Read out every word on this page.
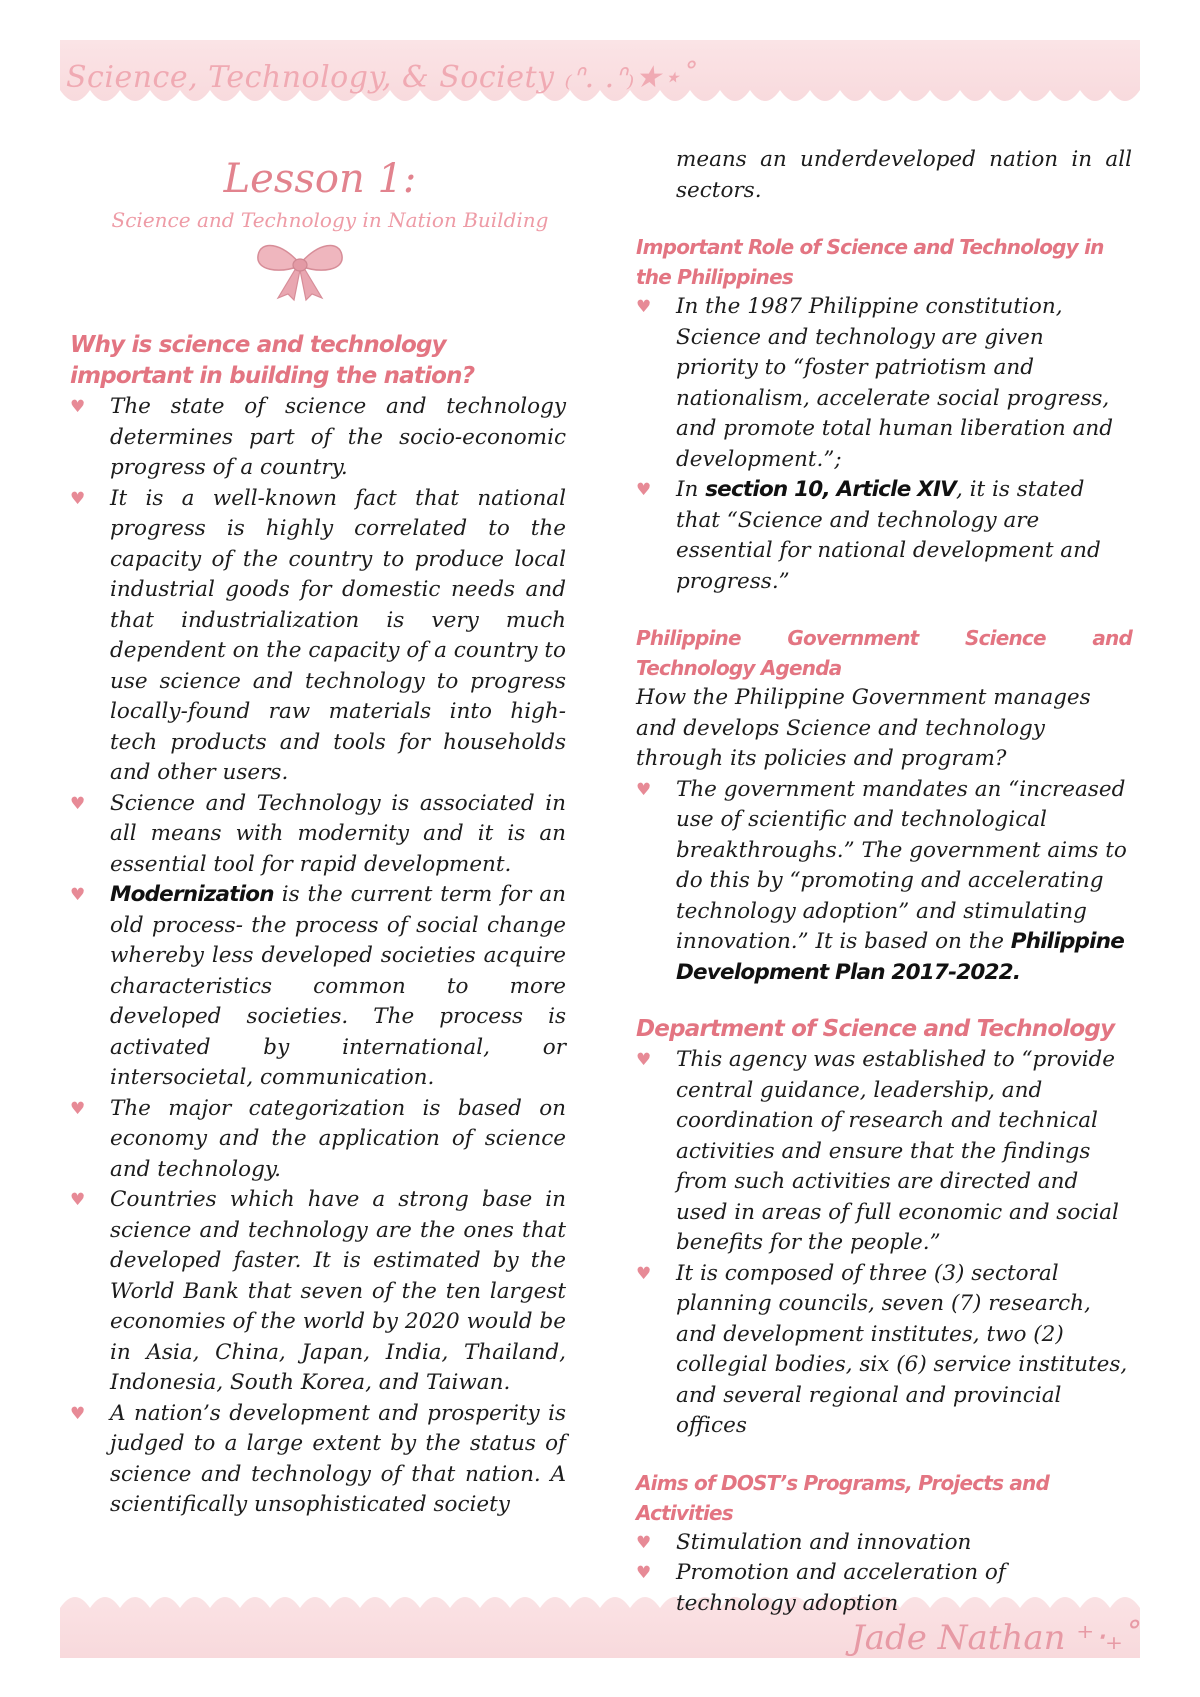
Science, Technology, & Society ₍ᐢ. .ᐢ₎★⋆˚
Jade Nathan ⁺‧₊˚
Lesson 1:
Science and Technology in Nation Building
Why is science and technology important in building the nation?
♥ The state of science and technology determines part of the socio-economic progress of a country.
♥ It is a well-known fact that national progress is highly correlated to the capacity of the country to produce local industrial goods for domestic needs and that industrialization is very much dependent on the capacity of a country to use science and technology to progress locally-found raw materials into high-tech products and tools for households and other users.
♥ Science and Technology is associated in all means with modernity and it is an essential tool for rapid development.
♥ Modernization is the current term for an old process- the process of social change whereby less developed societies acquire characteristics common to more developed societies. The process is activated by international, or intersocietal, communication.
♥ The major categorization is based on economy and the application of science and technology.
♥ Countries which have a strong base in science and technology are the ones that developed faster. It is estimated by the World Bank that seven of the ten largest economies of the world by 2020 would be in Asia, China, Japan, India, Thailand, Indonesia, South Korea, and Taiwan.
♥ A nation’s development and prosperity is judged to a large extent by the status of science and technology of that nation. A scientifically unsophisticated society
means an underdeveloped nation in all sectors.
Important Role of Science and Technology in the Philippines
♥ In the 1987 Philippine constitution, Science and technology are given priority to “foster patriotism and nationalism, accelerate social progress, and promote total human liberation and development.”;
♥ In section 10, Article XIV, it is stated that “Science and technology are essential for national development and progress.”
Philippine Government Science and Technology Agenda

How the Philippine Government manages and develops Science and technology through its policies and program?

♥ The government mandates an “increased use of scientific and technological breakthroughs.” The government aims to do this by “promoting and accelerating technology adoption” and stimulating innovation.” It is based on the Philippine Development Plan 2017-2022.
Department of Science and Technology
♥ This agency was established to “provide central guidance, leadership, and coordination of research and technical activities and ensure that the findings from such activities are directed and used in areas of full economic and social benefits for the people.”
♥ It is composed of three (3) sectoral planning councils, seven (7) research, and development institutes, two (2) collegial bodies, six (6) service institutes, and several regional and provincial offices
Aims of DOST’s Programs, Projects and Activities
♥ Stimulation and innovation
♥ Promotion and acceleration of technology adoption
